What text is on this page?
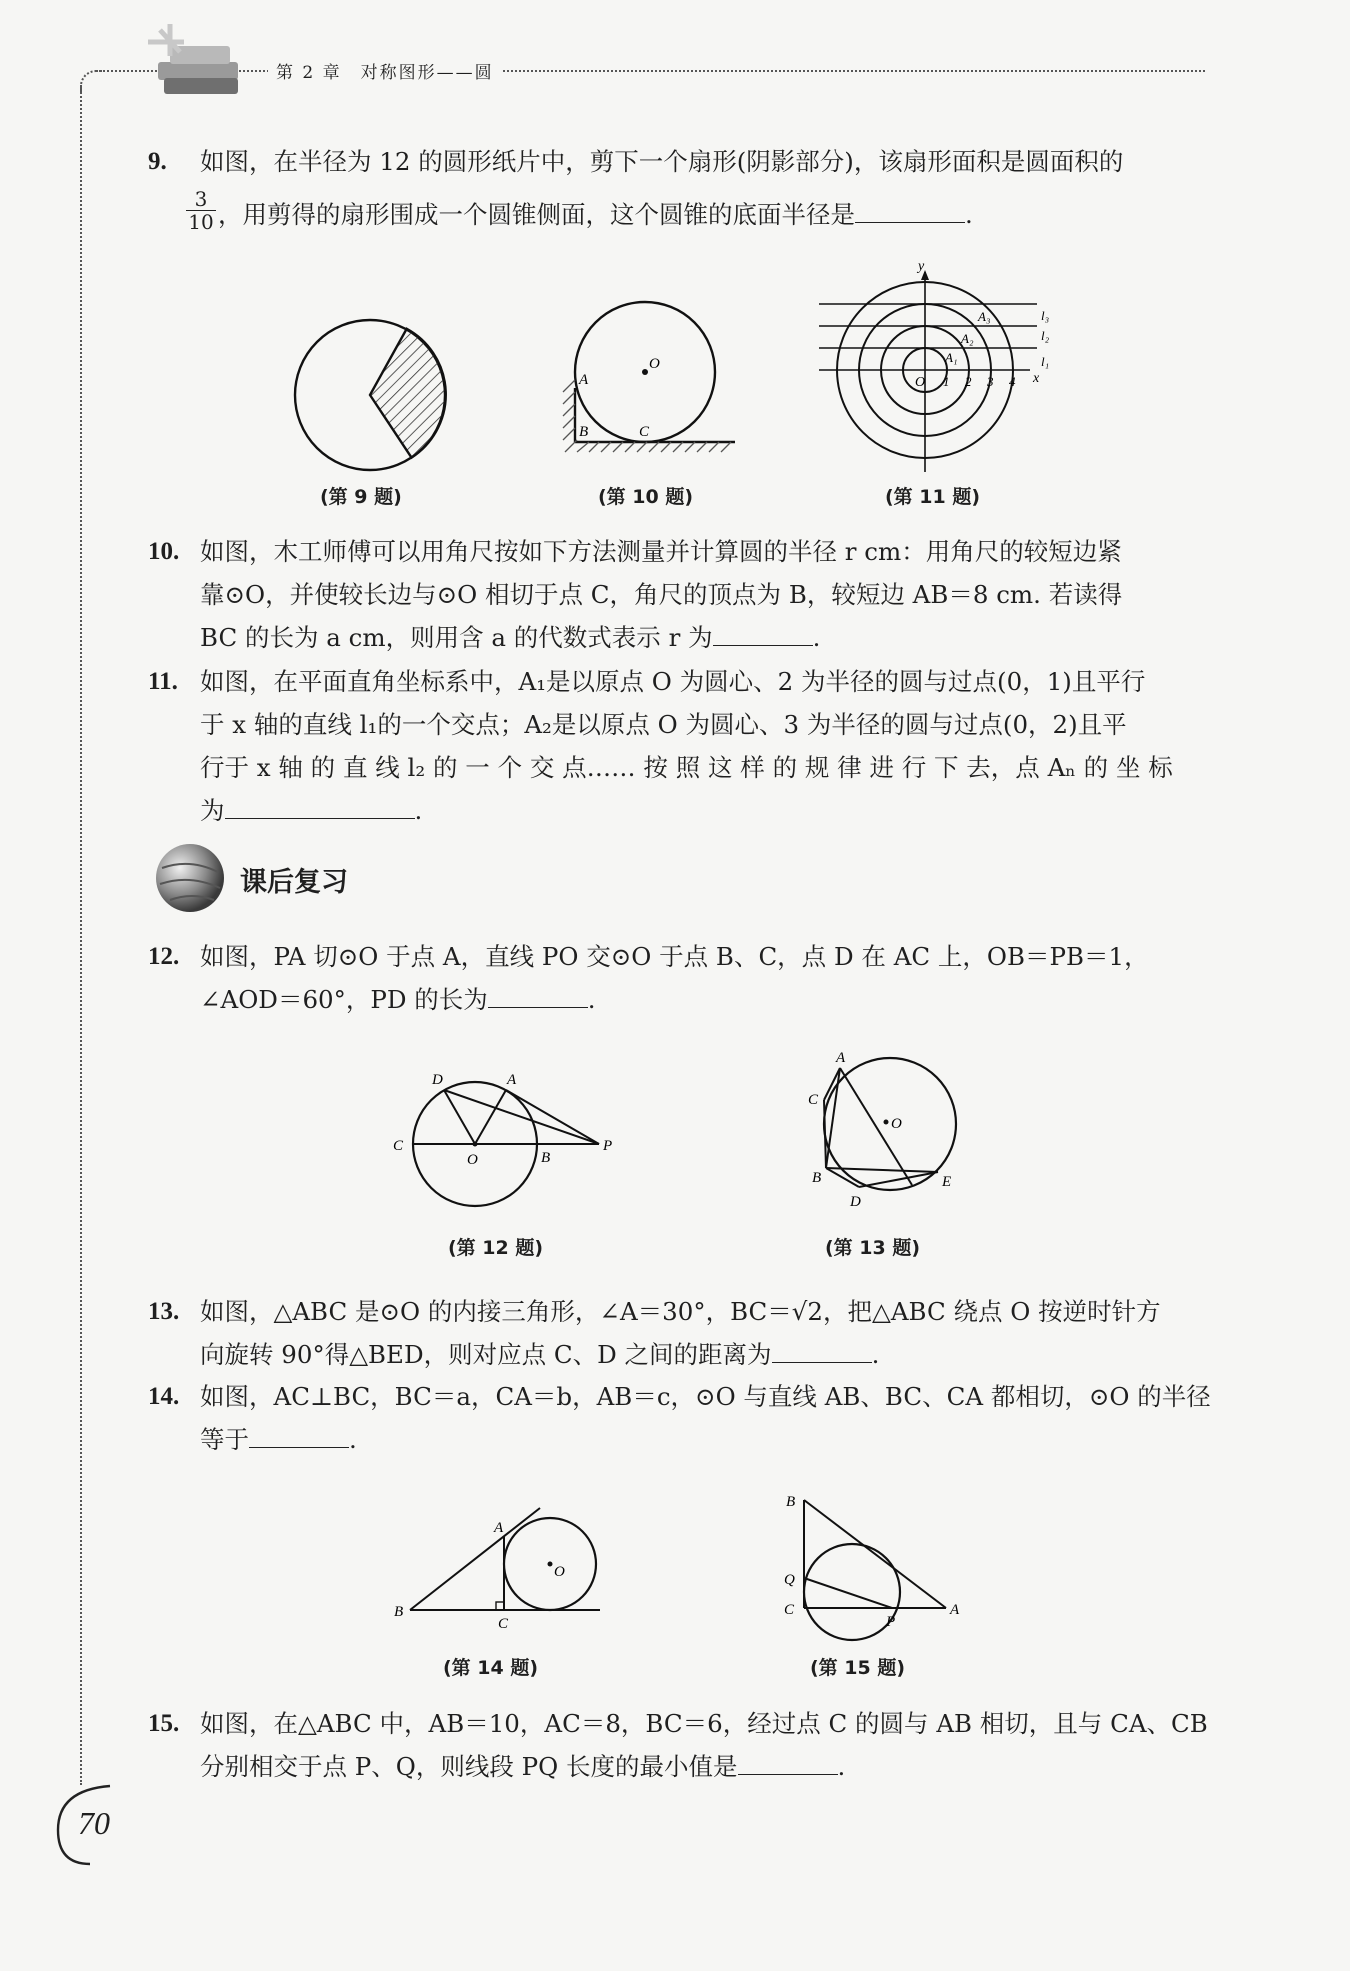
第 2 章　对称图形——圆
9. 如图，在半径为 12 的圆形纸片中，剪下一个扇形(阴影部分)，该扇形面积是圆面积的
$\frac{3}{10}$ ，用剪得的扇形围成一个圆锥侧面，这个圆锥的底面半径是	.
(第 9 题)
O
A
B	C
(第 10 题)
y
x
O 1 2 3 4
A₁
A₂
A₃	l₃
l₂
l₁
(第 11 题)
10. 如图，木工师傅可以用角尺按如下方法测量并计算圆的半径 r cm：用角尺的较短边紧
靠⊙O，并使较长边与⊙O 相切于点 C，角尺的顶点为 B，较短边 AB＝8 cm. 若读得
BC 的长为 a cm，则用含 a 的代数式表示 r 为	.
11. 如图，在平面直角坐标系中，A₁是以原点 O 为圆心、2 为半径的圆与过点(0，1)且平行
于 x 轴的直线 l₁的一个交点；A₂是以原点 O 为圆心、3 为半径的圆与过点(0，2)且平
行于 x 轴 的 直 线 l₂ 的 一 个 交 点…… 按 照 这 样 的 规 律 进 行 下 去，点 Aₙ 的 坐 标
为	.
课后复习
12. 如图，PA 切⊙O 于点 A，直线 PO 交⊙O 于点 B、C，点 D 在 AC 上，OB＝PB＝1，
∠AOD＝60°，PD 的长为	.
D	A
C
O	B
P
(第 12 题)
A
C
O
B
D
E
(第 13 题)
13. 如图，△ABC 是⊙O 的内接三角形，∠A＝30°，BC＝√2，把△ABC 绕点 O 按逆时针方
向旋转 90°得△BED，则对应点 C、D 之间的距离为	.
14. 如图，AC⊥BC，BC＝a，CA＝b，AB＝c，⊙O 与直线 AB、BC、CA 都相切，⊙O 的半径
等于	.
A
O
B
C
(第 14 题)
B
Q
C
P
A
(第 15 题)
15. 如图，在△ABC 中，AB＝10，AC＝8，BC＝6，经过点 C 的圆与 AB 相切，且与 CA、CB
分别相交于点 P、Q，则线段 PQ 长度的最小值是	.
70
